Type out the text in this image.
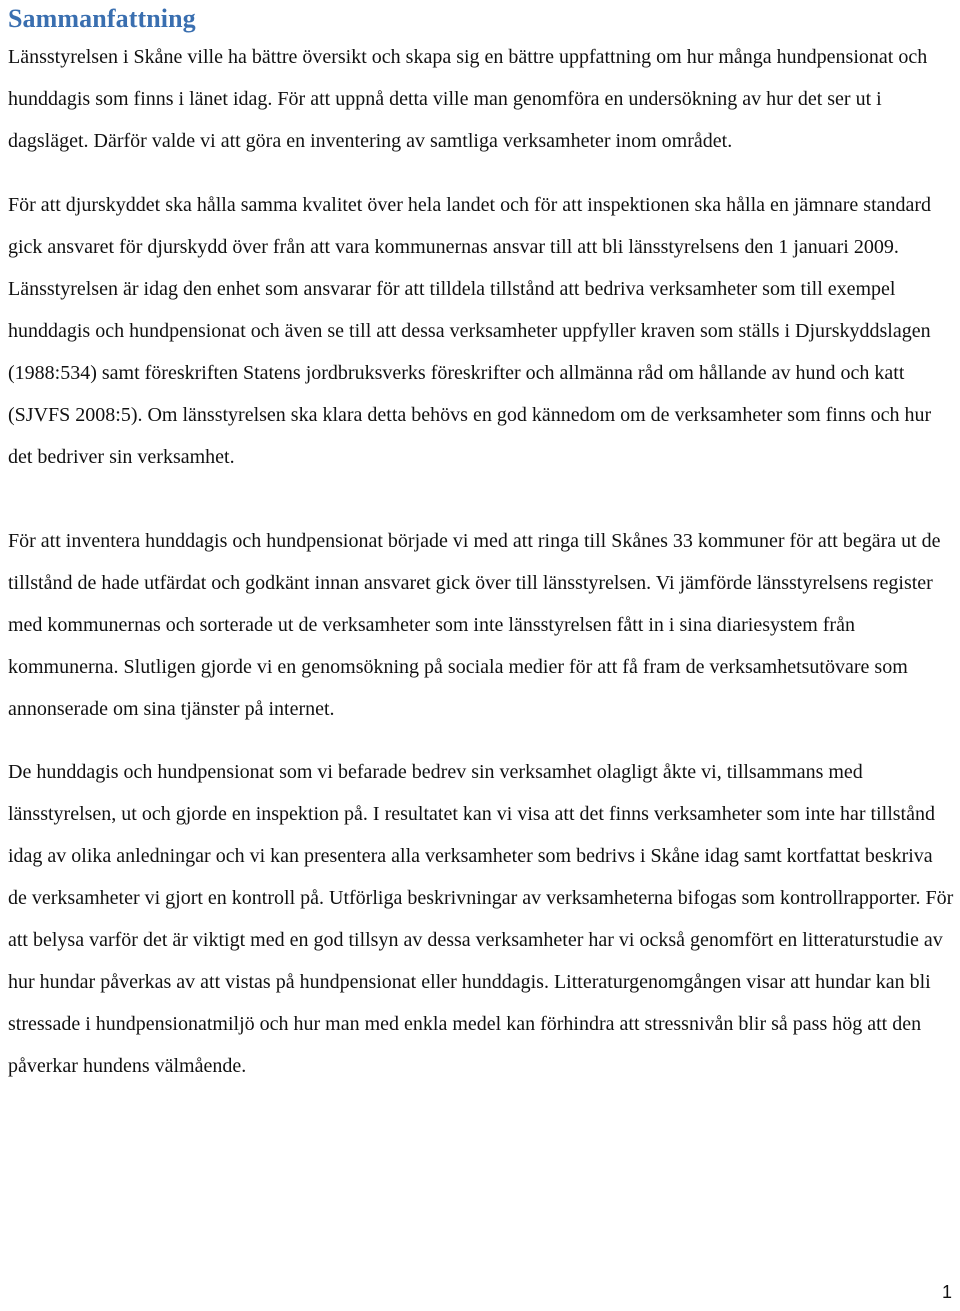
Sammanfattning

Länsstyrelsen i Skåne ville ha bättre översikt och skapa sig en bättre uppfattning om hur många hundpensionat och hunddagis som finns i länet idag. För att uppnå detta ville man genomföra en undersökning av hur det ser ut i dagsläget. Därför valde vi att göra en inventering av samtliga verksamheter inom området.

För att djurskyddet ska hålla samma kvalitet över hela landet och för att inspektionen ska hålla en jämnare standard gick ansvaret för djurskydd över från att vara kommunernas ansvar till att bli länsstyrelsens den 1 januari 2009. Länsstyrelsen är idag den enhet som ansvarar för att tilldela tillstånd att bedriva verksamheter som till exempel hunddagis och hundpensionat och även se till att dessa verksamheter uppfyller kraven som ställs i Djurskyddslagen (1988:534) samt föreskriften Statens jordbruksverks föreskrifter och allmänna råd om hållande av hund och katt (SJVFS 2008:5). Om länsstyrelsen ska klara detta behövs en god kännedom om de verksamheter som finns och hur det bedriver sin verksamhet.

För att inventera hunddagis och hundpensionat började vi med att ringa till Skånes 33 kommuner för att begära ut de tillstånd de hade utfärdat och godkänt innan ansvaret gick över till länsstyrelsen. Vi jämförde länsstyrelsens register med kommunernas och sorterade ut de verksamheter som inte länsstyrelsen fått in i sina diariesystem från kommunerna. Slutligen gjorde vi en genomsökning på sociala medier för att få fram de verksamhetsutövare som annonserade om sina tjänster på internet.

De hunddagis och hundpensionat som vi befarade bedrev sin verksamhet olagligt åkte vi, tillsammans med länsstyrelsen, ut och gjorde en inspektion på. I resultatet kan vi visa att det finns verksamheter som inte har tillstånd idag av olika anledningar och vi kan presentera alla verksamheter som bedrivs i Skåne idag samt kortfattat beskriva de verksamheter vi gjort en kontroll på. Utförliga beskrivningar av verksamheterna bifogas som kontrollrapporter. För att belysa varför det är viktigt med en god tillsyn av dessa verksamheter har vi också genomfört en litteraturstudie av hur hundar påverkas av att vistas på hundpensionat eller hunddagis. Litteraturgenomgången visar att hundar kan bli stressade i hundpensionatmiljö och hur man med enkla medel kan förhindra att stressnivån blir så pass hög att den påverkar hundens välmående.

1
